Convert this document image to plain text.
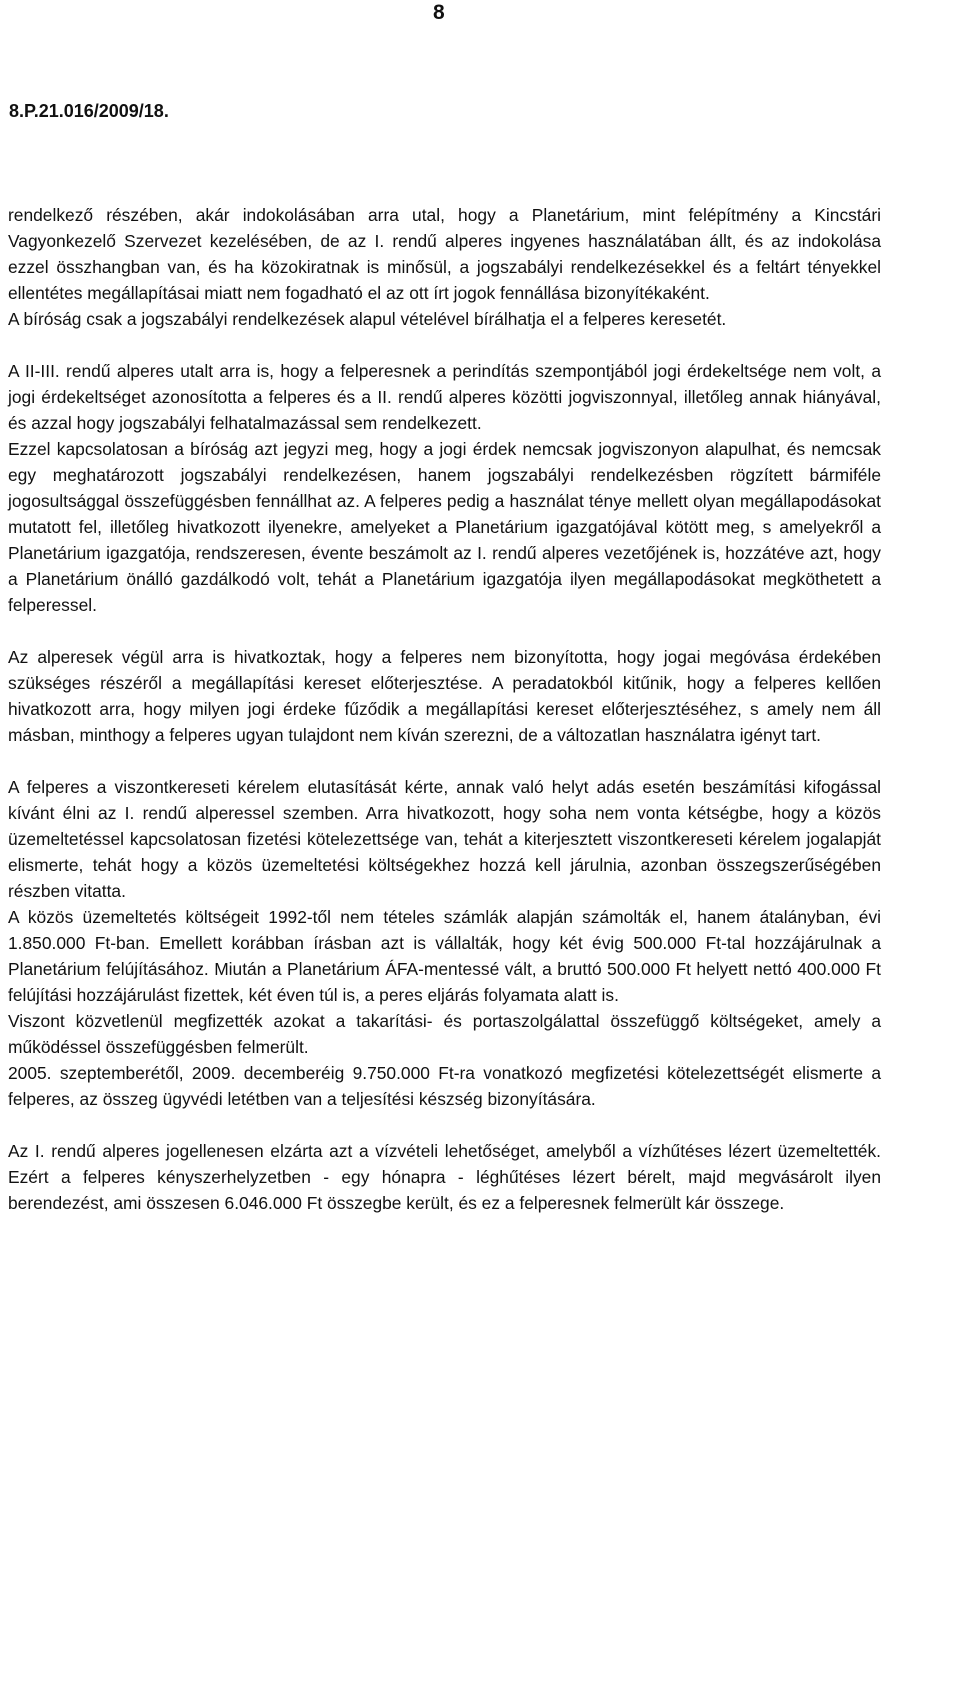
8
8.P.21.016/2009/18.

rendelkező részében, akár indokolásában arra utal, hogy a Planetárium, mint felépítmény a Kincstári Vagyonkezelő Szervezet kezelésében, de az I. rendű alperes ingyenes használatában állt, és az indokolása ezzel összhangban van, és ha közokiratnak is minősül, a jogszabályi rendelkezésekkel és a feltárt tényekkel ellentétes megállapításai miatt nem fogadható el az ott írt jogok fennállása bizonyítékaként.

A bíróság csak a jogszabályi rendelkezések alapul vételével bírálhatja el a felperes keresetét.

A II-III. rendű alperes utalt arra is, hogy a felperesnek a perindítás szempontjából jogi érdekeltsége nem volt, a jogi érdekeltséget azonosította a felperes és a II. rendű alperes közötti jogviszonnyal, illetőleg annak hiányával, és azzal hogy jogszabályi felhatalmazással sem rendelkezett.

Ezzel kapcsolatosan a bíróság azt jegyzi meg, hogy a jogi érdek nemcsak jogviszonyon alapulhat, és nemcsak egy meghatározott jogszabályi rendelkezésen, hanem jogszabályi rendelkezésben rögzített bármiféle jogosultsággal összefüggésben fennállhat az. A felperes pedig a használat ténye mellett olyan megállapodásokat mutatott fel, illetőleg hivatkozott ilyenekre, amelyeket a Planetárium igazgatójával kötött meg, s amelyekről a Planetárium igazgatója, rendszeresen, évente beszámolt az I. rendű alperes vezetőjének is, hozzátéve azt, hogy a Planetárium önálló gazdálkodó volt, tehát a Planetárium igazgatója ilyen megállapodásokat megköthetett a felperessel.

Az alperesek végül arra is hivatkoztak, hogy a felperes nem bizonyította, hogy jogai megóvása érdekében szükséges részéről a megállapítási kereset előterjesztése. A peradatokból kitűnik, hogy a felperes kellően hivatkozott arra, hogy milyen jogi érdeke fűződik a megállapítási kereset előterjesztéséhez, s amely nem áll másban, minthogy a felperes ugyan tulajdont nem kíván szerezni, de a változatlan használatra igényt tart.

A felperes a viszontkereseti kérelem elutasítását kérte, annak való helyt adás esetén beszámítási kifogással kívánt élni az I. rendű alperessel szemben. Arra hivatkozott, hogy soha nem vonta kétségbe, hogy a közös üzemeltetéssel kapcsolatosan fizetési kötelezettsége van, tehát a kiterjesztett viszontkereseti kérelem jogalapját elismerte, tehát hogy a közös üzemeltetési költségekhez hozzá kell járulnia, azonban összegszerűségében részben vitatta.

A közös üzemeltetés költségeit 1992-től nem tételes számlák alapján számolták el, hanem átalányban, évi 1.850.000 Ft-ban. Emellett korábban írásban azt is vállalták, hogy két évig 500.000 Ft-tal hozzájárulnak a Planetárium felújításához. Miután a Planetárium ÁFA-mentessé vált, a bruttó 500.000 Ft helyett nettó 400.000 Ft felújítási hozzájárulást fizettek, két éven túl is, a peres eljárás folyamata alatt is.

Viszont közvetlenül megfizették azokat a takarítási- és portaszolgálattal összefüggő költségeket, amely a működéssel összefüggésben felmerült.

2005. szeptemberétől, 2009. decemberéig 9.750.000 Ft-ra vonatkozó megfizetési kötelezettségét elismerte a felperes, az összeg ügyvédi letétben van a teljesítési készség bizonyítására.

Az I. rendű alperes jogellenesen elzárta azt a vízvételi lehetőséget, amelyből a vízhűtéses lézert üzemeltették. Ezért a felperes kényszerhelyzetben - egy hónapra - léghűtéses lézert bérelt, majd megvásárolt ilyen berendezést, ami összesen 6.046.000 Ft összegbe került, és ez a felperesnek felmerült kár összege.
